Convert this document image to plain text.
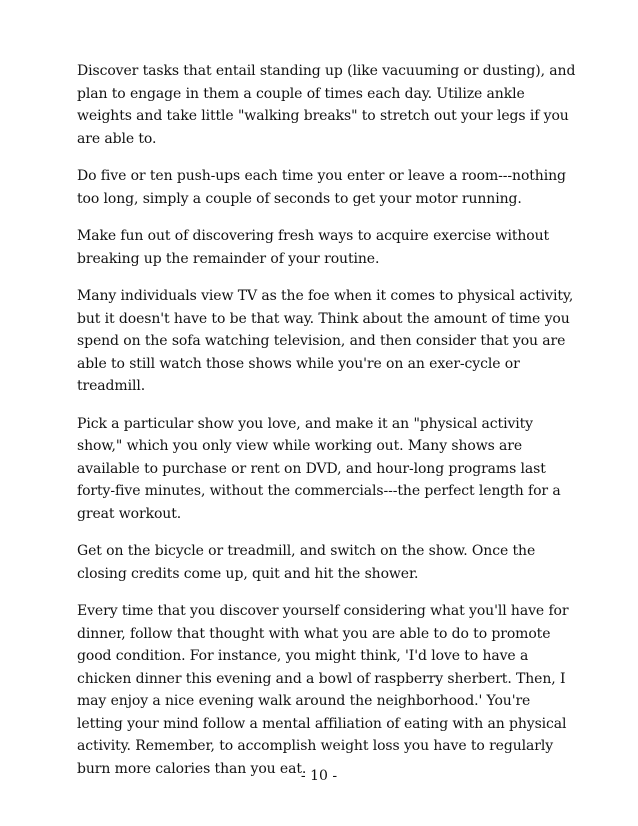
Discover tasks that entail standing up (like vacuuming or dusting), and plan to engage in them a couple of times each day. Utilize ankle weights and take little "walking breaks" to stretch out your legs if you are able to.

Do five or ten push-ups each time you enter or leave a room---nothing too long, simply a couple of seconds to get your motor running.

Make fun out of discovering fresh ways to acquire exercise without breaking up the remainder of your routine.

Many individuals view TV as the foe when it comes to physical activity, but it doesn't have to be that way. Think about the amount of time you spend on the sofa watching television, and then consider that you are able to still watch those shows while you're on an exer-cycle or treadmill.

Pick a particular show you love, and make it an "physical activity show," which you only view while working out. Many shows are available to purchase or rent on DVD, and hour-long programs last forty-five minutes, without the commercials---the perfect length for a great workout.

Get on the bicycle or treadmill, and switch on the show. Once the closing credits come up, quit and hit the shower.

Every time that you discover yourself considering what you'll have for dinner, follow that thought with what you are able to do to promote good condition. For instance, you might think, 'I'd love to have a chicken dinner this evening and a bowl of raspberry sherbert. Then, I may enjoy a nice evening walk around the neighborhood.' You're letting your mind follow a mental affiliation of eating with an physical activity. Remember, to accomplish weight loss you have to regularly burn more calories than you eat.

- 10 -
